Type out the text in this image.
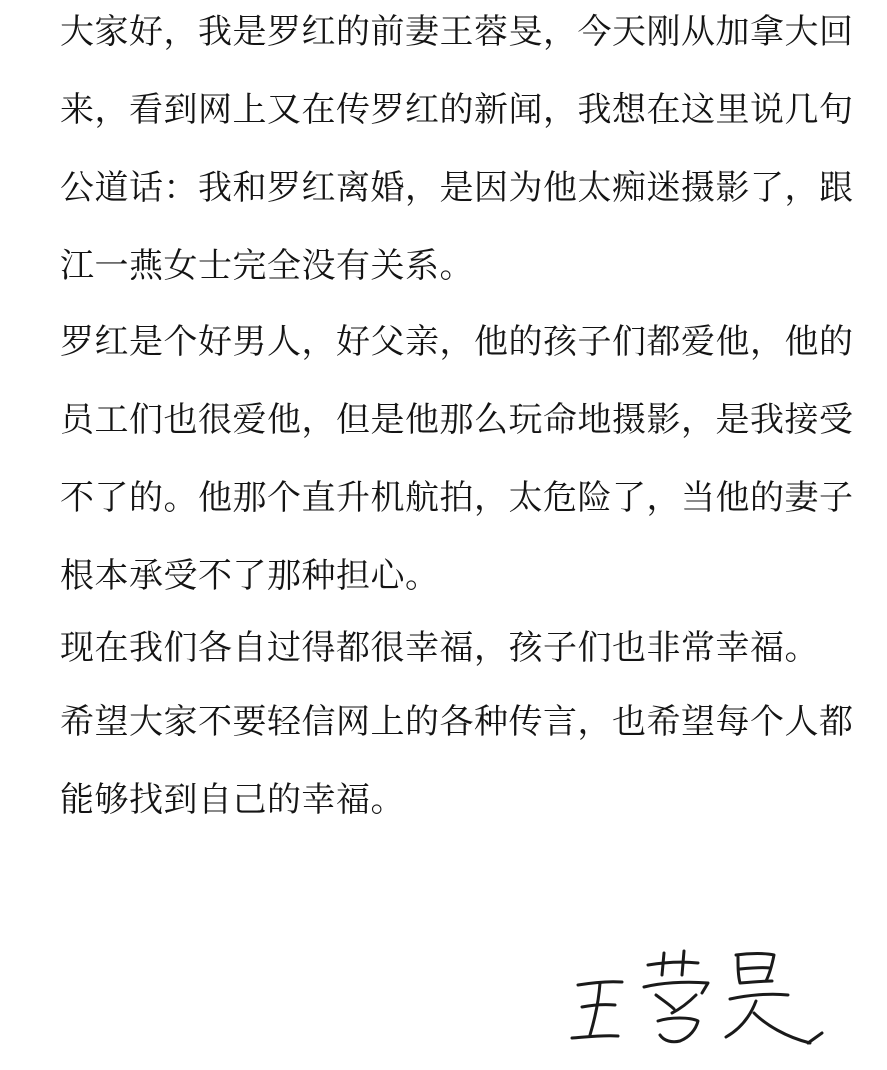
大家好，我是罗红的前妻王蓉旻，今天刚从加拿大回
来，看到网上又在传罗红的新闻，我想在这里说几句
公道话：我和罗红离婚，是因为他太痴迷摄影了，跟
江一燕女士完全没有关系。
罗红是个好男人，好父亲，他的孩子们都爱他，他的
员工们也很爱他，但是他那么玩命地摄影，是我接受
不了的。他那个直升机航拍，太危险了，当他的妻子
根本承受不了那种担心。
现在我们各自过得都很幸福，孩子们也非常幸福。
希望大家不要轻信网上的各种传言，也希望每个人都
能够找到自己的幸福。
